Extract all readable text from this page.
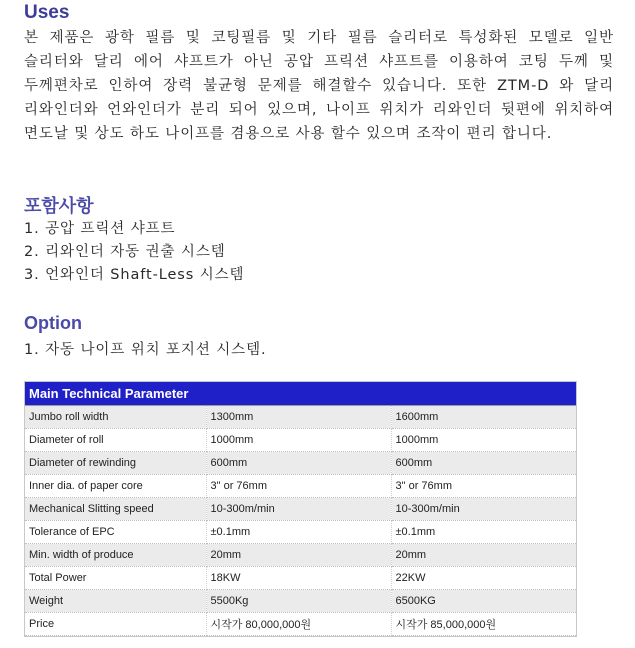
Uses

본 제품은 광학 필름 및 코팅필름 및 기타 필름 슬리터로 특성화된 모델로 일반 슬리터와 달리 에어 샤프트가 아닌 공압 프릭션 샤프트를 이용하여 코팅 두께 및 두께편차로 인하여 장력 불균형 문제를 해결할수 있습니다. 또한 ZTM-D 와 달리 리와인더와 언와인더가 분리 되어 있으며, 나이프 위치가 리와인더 뒷편에 위치하여 면도날 및 상도 하도 나이프를 겸용으로 사용 할수 있으며 조작이 편리 합니다.

포함사항
1. 공압 프릭션 샤프트
2. 리와인더 자동 권출 시스템
3. 언와인더 Shaft-Less 시스템
Option
1. 자동 나이프 위치 포지션 시스템.
Main Technical Parameter
Jumbo roll width	1300mm	1600mm
Diameter of roll	1000mm	1000mm
Diameter of rewinding	600mm	600mm
Inner dia. of paper core	3" or 76mm	3" or 76mm
Mechanical Slitting speed	10-300m/min	10-300m/min
Tolerance of EPC	±0.1mm	±0.1mm
Min. width of produce	20mm	20mm
Total Power	18KW	22KW
Weight	5500Kg	6500KG
Price	시작가 80,000,000원	시작가 85,000,000원
